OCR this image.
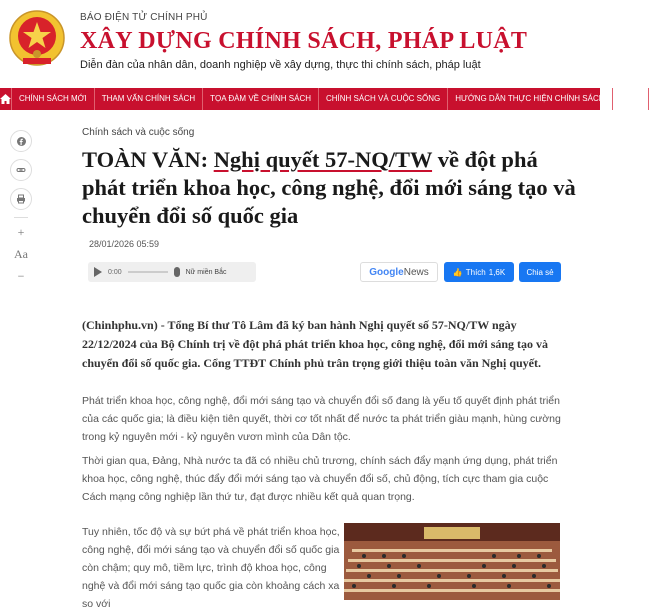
BÁO ĐIỆN TỬ CHÍNH PHỦ
XÂY DỰNG CHÍNH SÁCH, PHÁP LUẬT
Diễn đàn của nhân dân, doanh nghiệp về xây dựng, thực thi chính sách, pháp luật
CHÍNH SÁCH MỚI	THAM VẤN CHÍNH SÁCH	TỌA ĐÀM VỀ CHÍNH SÁCH	CHÍNH SÁCH VÀ CUỘC SỐNG	HƯỚNG DẪN THỰC HIỆN CHÍNH SÁCH	PHÁT
+
Aa
−
Chính sách và cuộc sống
TOÀN VĂN: Nghị quyết 57-NQ/TW về đột phá phát triển khoa học, công nghệ, đổi mới sáng tạo và chuyển đổi số quốc gia
28/01/2026 05:59
0:00	Nữ miền Bắc	Google News	👍 Thích 1,6K	Chia sẻ

(Chinhphu.vn) - Tổng Bí thư Tô Lâm đã ký ban hành Nghị quyết số 57-NQ/TW ngày 22/12/2024 của Bộ Chính trị về đột phá phát triển khoa học, công nghệ, đổi mới sáng tạo và chuyển đổi số quốc gia. Cổng TTĐT Chính phủ trân trọng giới thiệu toàn văn Nghị quyết.

Phát triển khoa học, công nghệ, đổi mới sáng tạo và chuyển đổi số đang là yếu tố quyết định phát triển của các quốc gia; là điều kiện tiên quyết, thời cơ tốt nhất để nước ta phát triển giàu mạnh, hùng cường trong kỷ nguyên mới - kỷ nguyên vươn mình của Dân tộc.

Thời gian qua, Đảng, Nhà nước ta đã có nhiều chủ trương, chính sách đẩy mạnh ứng dụng, phát triển khoa học, công nghệ, thúc đẩy đổi mới sáng tạo và chuyển đổi số, chủ động, tích cực tham gia cuộc Cách mạng công nghiệp lần thứ tư, đạt được nhiều kết quả quan trọng.

Tuy nhiên, tốc độ và sự bứt phá về phát triển khoa học, công nghệ, đổi mới sáng tạo và chuyển đổi số quốc gia còn chậm; quy mô, tiềm lực, trình độ khoa học, công nghệ và đổi mới sáng tạo quốc gia còn khoảng cách xa so với
